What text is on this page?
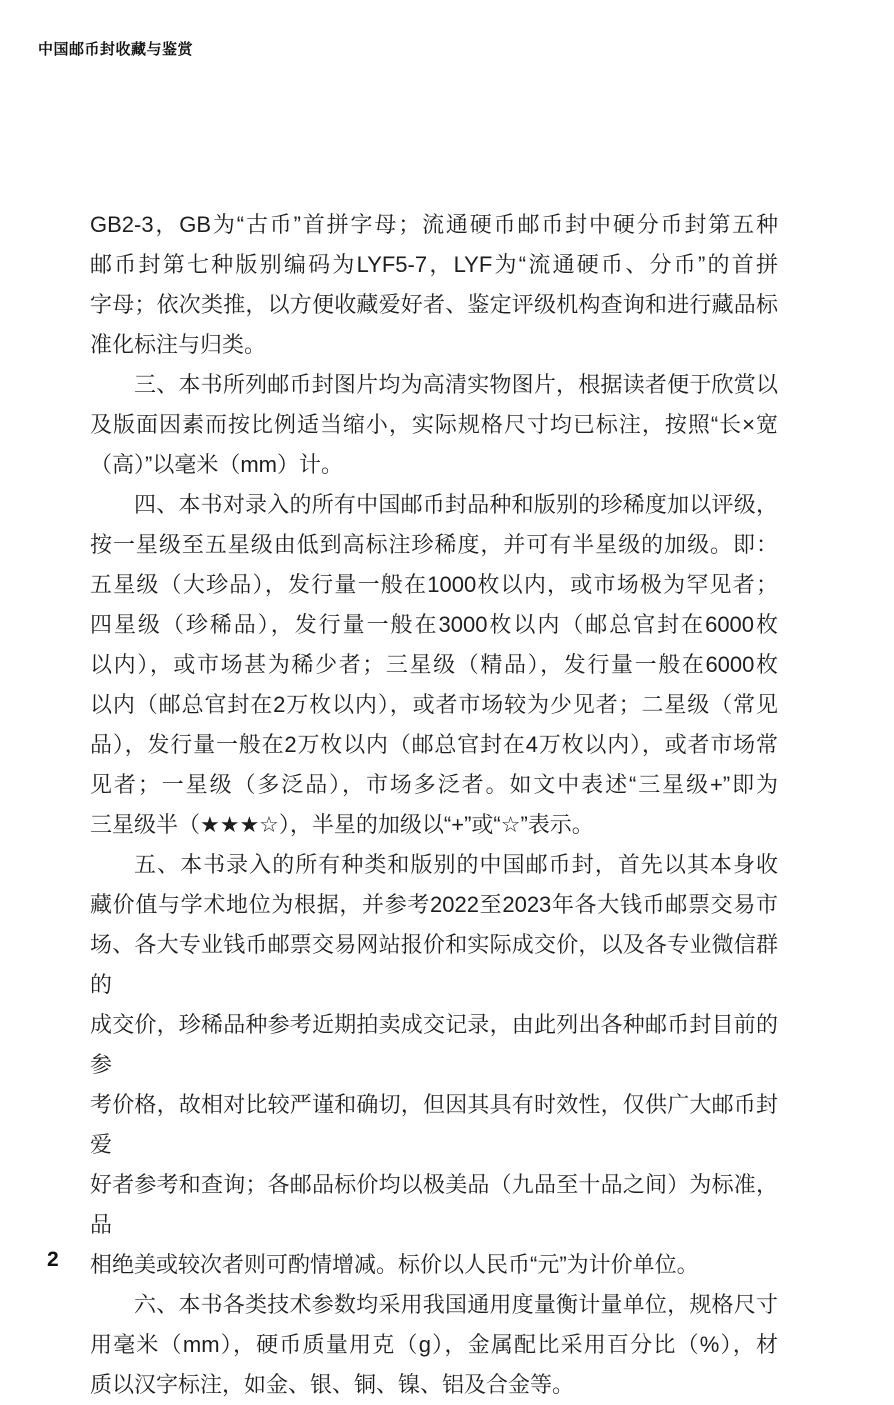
中国邮币封收藏与鉴赏
GB2-3，GB为“古币”首拼字母；流通硬币邮币封中硬分币封第五种
邮币封第七种版别编码为LYF5-7，LYF为“流通硬币、分币”的首拼
字母；依次类推，以方便收藏爱好者、鉴定评级机构查询和进行藏品标
准化标注与归类。
三、本书所列邮币封图片均为高清实物图片，根据读者便于欣赏以
及版面因素而按比例适当缩小，实际规格尺寸均已标注，按照“长×宽
（高）”以毫米（mm）计。
四、本书对录入的所有中国邮币封品种和版别的珍稀度加以评级，
按一星级至五星级由低到高标注珍稀度，并可有半星级的加级。即：
五星级（大珍品），发行量一般在1000枚以内，或市场极为罕见者；
四星级（珍稀品），发行量一般在3000枚以内（邮总官封在6000枚
以内），或市场甚为稀少者；三星级（精品），发行量一般在6000枚
以内（邮总官封在2万枚以内），或者市场较为少见者；二星级（常见
品），发行量一般在2万枚以内（邮总官封在4万枚以内），或者市场常
见者；一星级（多泛品），市场多泛者。如文中表述“三星级+”即为
三星级半（★★★☆），半星的加级以“+”或“☆”表示。
五、本书录入的所有种类和版别的中国邮币封，首先以其本身收
藏价值与学术地位为根据，并参考2022至2023年各大钱币邮票交易市
场、各大专业钱币邮票交易网站报价和实际成交价，以及各专业微信群的
成交价，珍稀品种参考近期拍卖成交记录，由此列出各种邮币封目前的参
考价格，故相对比较严谨和确切，但因其具有时效性，仅供广大邮币封爱
好者参考和查询；各邮品标价均以极美品（九品至十品之间）为标准，品
相绝美或较次者则可酌情增减。标价以人民币“元”为计价单位。
六、本书各类技术参数均采用我国通用度量衡计量单位，规格尺寸
用毫米（mm），硬币质量用克（g），金属配比采用百分比（%），材
质以汉字标注，如金、银、铜、镍、铝及合金等。
2
